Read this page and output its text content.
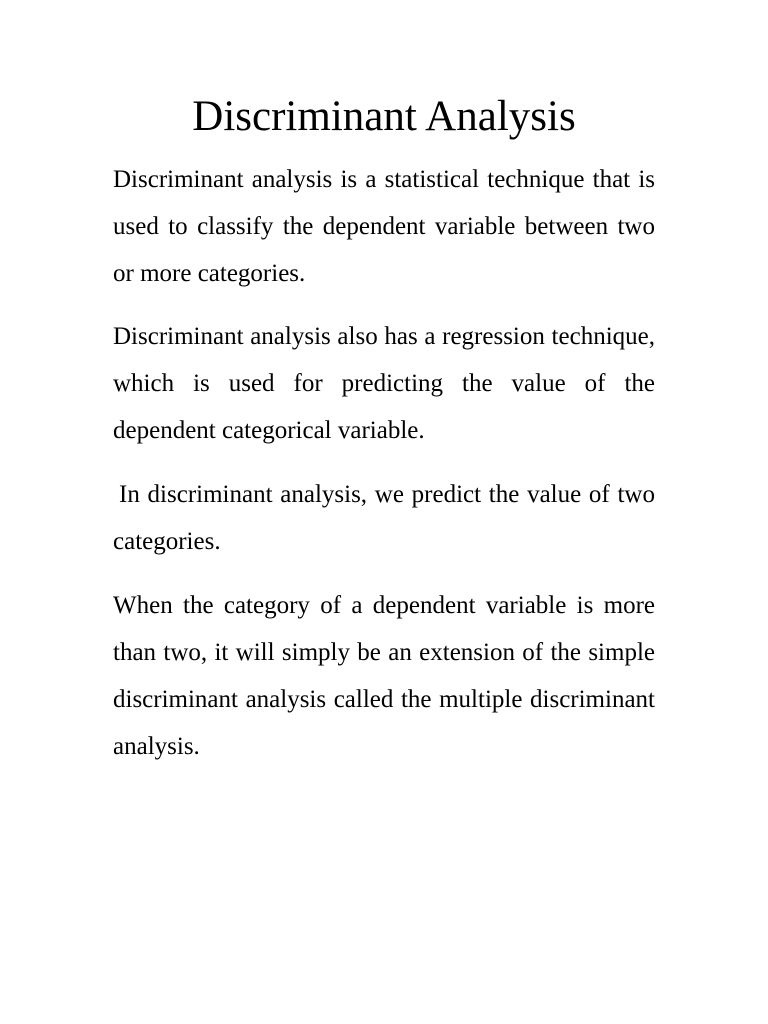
Discriminant Analysis

Discriminant analysis is a statistical technique that is used to classify the dependent variable between two or more categories.

Discriminant analysis also has a regression technique, which is used for predicting the value of the dependent categorical variable.

In discriminant analysis, we predict the value of two categories.

When the category of a dependent variable is more than two, it will simply be an extension of the simple discriminant analysis called the multiple discriminant analysis.
